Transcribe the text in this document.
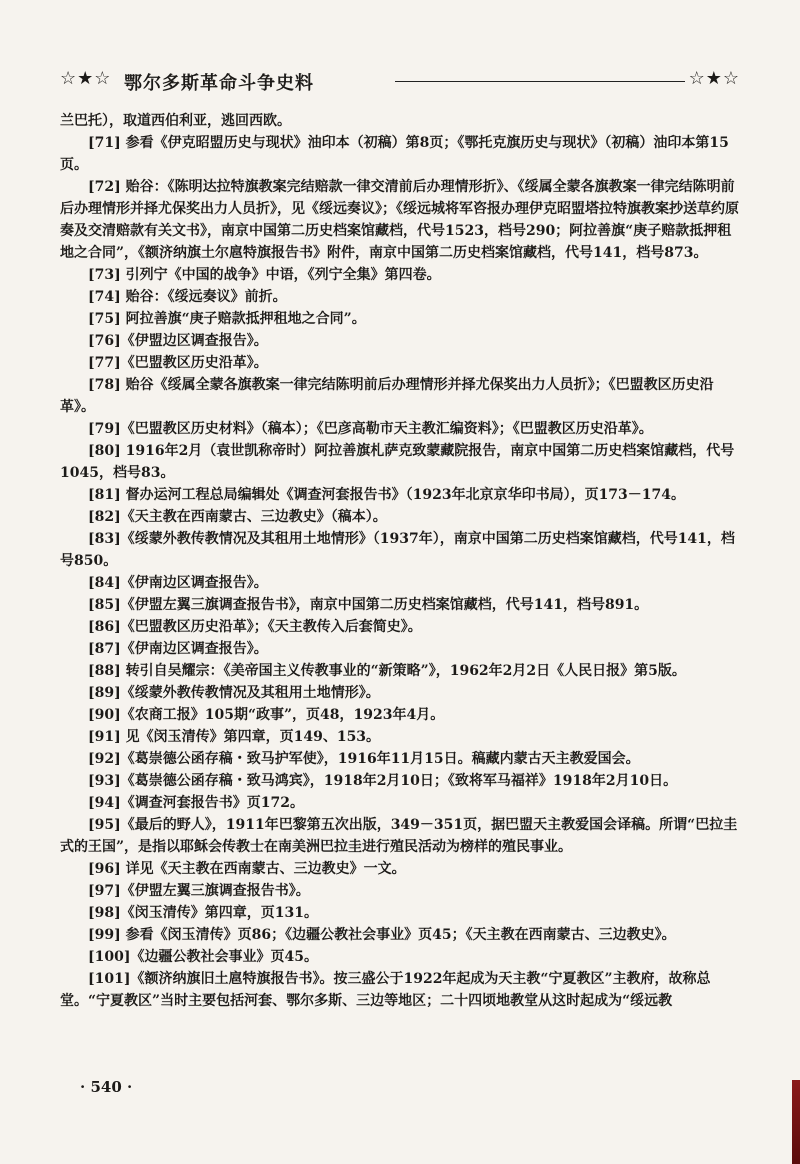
☆★☆ 鄂尔多斯革命斗争史料	☆★☆

兰巴托），取道西伯利亚，逃回西欧。

[71] 参看《伊克昭盟历史与现状》油印本（初稿）第8页；《鄂托克旗历史与现状》（初稿）油印本第15页。

[72] 贻谷：《陈明达拉特旗教案完结赔款一律交清前后办理情形折》、《绥属全蒙各旗教案一律完结陈明前后办理情形并择尤保奖出力人员折》，见《绥远奏议》；《绥远城将军咨报办理伊克昭盟塔拉特旗教案抄送草约原奏及交清赔款有关文书》，南京中国第二历史档案馆藏档，代号1523，档号290；阿拉善旗“庚子赔款抵押租地之合同”，《额济纳旗土尔扈特旗报告书》附件，南京中国第二历史档案馆藏档，代号141，档号873。

[73] 引列宁《中国的战争》中语，《列宁全集》第四卷。

[74] 贻谷：《绥远奏议》前折。

[75] 阿拉善旗“庚子赔款抵押租地之合同”。

[76]《伊盟边区调查报告》。

[77]《巴盟教区历史沿革》。

[78] 贻谷《绥属全蒙各旗教案一律完结陈明前后办理情形并择尤保奖出力人员折》；《巴盟教区历史沿革》。

[79]《巴盟教区历史材料》（稿本）；《巴彦高勒市天主教汇编资料》；《巴盟教区历史沿革》。

[80] 1916年2月（袁世凯称帝时）阿拉善旗札萨克致蒙藏院报告，南京中国第二历史档案馆藏档，代号1045，档号83。

[81] 督办运河工程总局编辑处《调查河套报告书》（1923年北京京华印书局），页173－174。

[82]《天主教在西南蒙古、三边教史》（稿本）。

[83]《绥蒙外教传教情况及其租用土地情形》（1937年），南京中国第二历史档案馆藏档，代号141，档号850。

[84]《伊南边区调查报告》。

[85]《伊盟左翼三旗调查报告书》，南京中国第二历史档案馆藏档，代号141，档号891。

[86]《巴盟教区历史沿革》；《天主教传入后套简史》。

[87]《伊南边区调查报告》。

[88] 转引自吴耀宗：《美帝国主义传教事业的“新策略”》，1962年2月2日《人民日报》第5版。

[89]《绥蒙外教传教情况及其租用土地情形》。

[90]《农商工报》105期“政事”，页48，1923年4月。

[91] 见《闵玉清传》第四章，页149、153。

[92]《葛崇德公函存稿・致马护军使》，1916年11月15日。稿藏内蒙古天主教爱国会。

[93]《葛崇德公函存稿・致马鸿宾》，1918年2月10日；《致将军马福祥》1918年2月10日。

[94]《调查河套报告书》页172。

[95]《最后的野人》，1911年巴黎第五次出版，349－351页，据巴盟天主教爱国会译稿。所谓“巴拉圭式的王国”，是指以耶稣会传教士在南美洲巴拉圭进行殖民活动为榜样的殖民事业。

[96] 详见《天主教在西南蒙古、三边教史》一文。

[97]《伊盟左翼三旗调查报告书》。

[98]《闵玉清传》第四章，页131。

[99] 参看《闵玉清传》页86；《边疆公教社会事业》页45；《天主教在西南蒙古、三边教史》。

[100]《边疆公教社会事业》页45。

[101]《额济纳旗旧土扈特旗报告书》。按三盛公于1922年起成为天主教“宁夏教区”主教府，故称总堂。“宁夏教区”当时主要包括河套、鄂尔多斯、三边等地区；二十四顷地教堂从这时起成为“绥远教

· 540 ·
